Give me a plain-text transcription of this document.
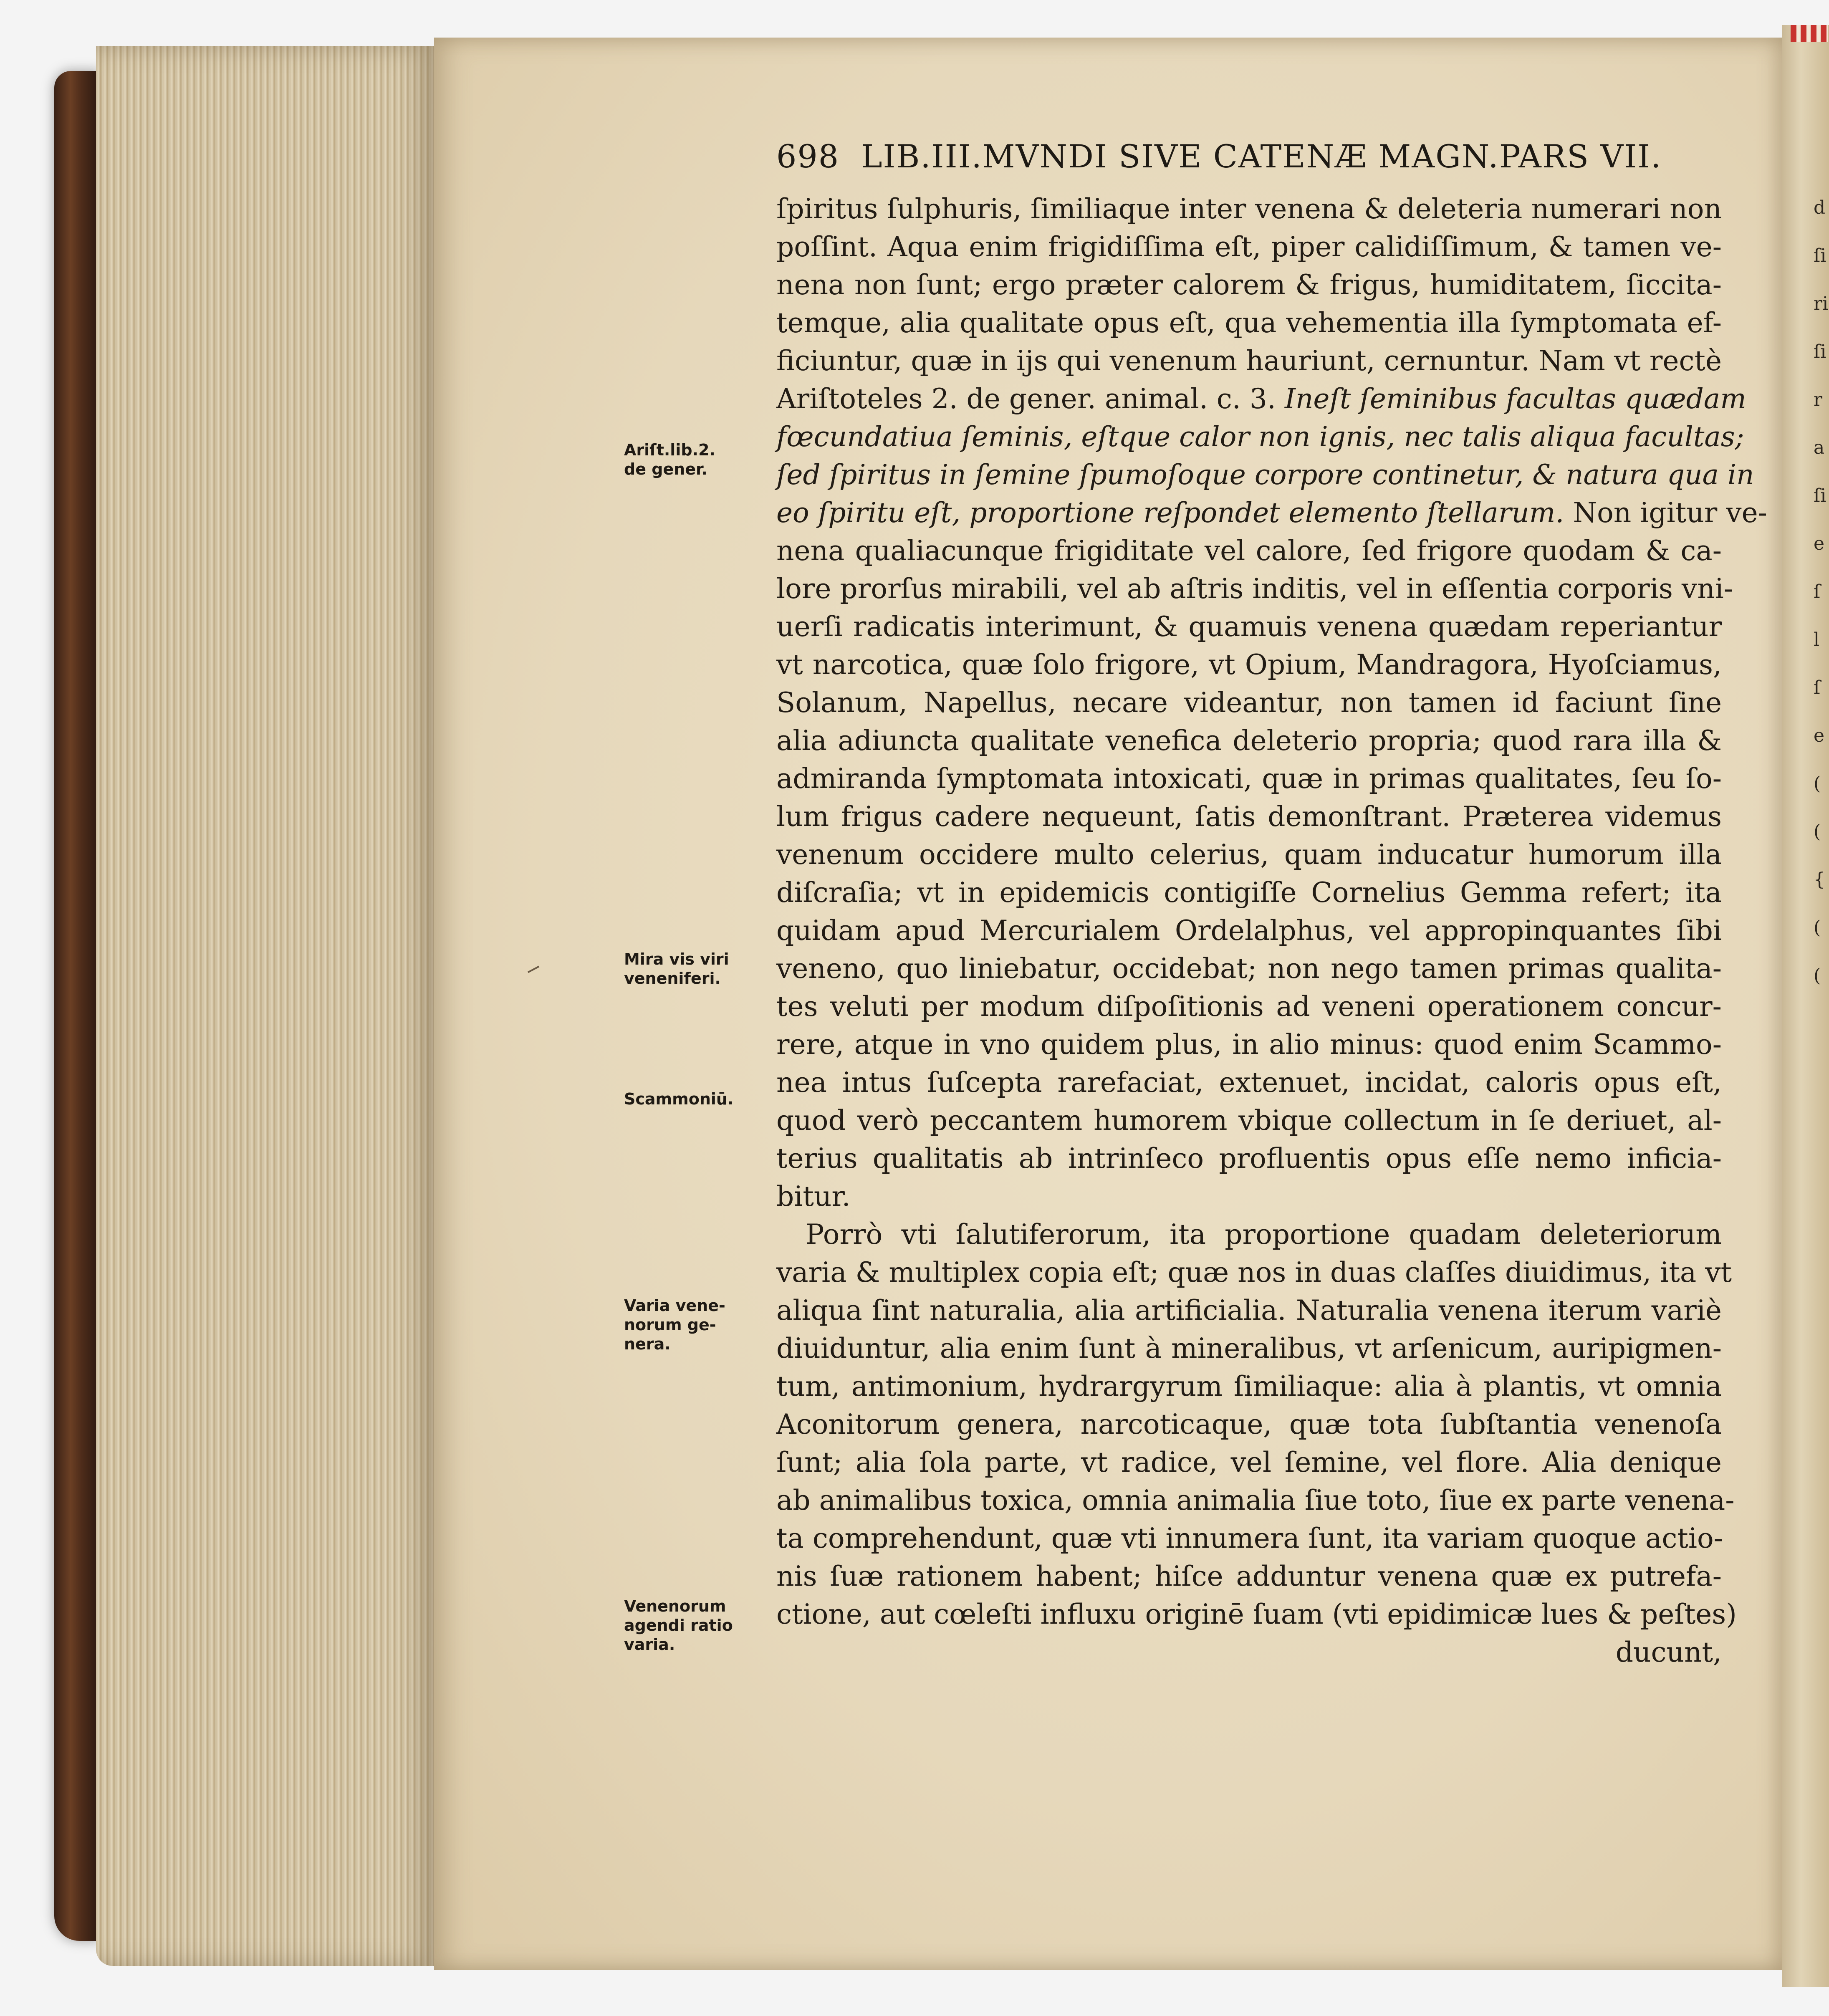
d
ſi
ri
ſi
r
a
ſi
e
ſ
l
ſ
e
(
(
{
(
(

698 LIB.III.MVNDI SIVE CATENÆ MAGN.PARS VII.
ſpiritus ſulphuris, ſimiliaque inter venena & deleteria numerari non
poſſint. Aqua enim frigidiſſima eſt, piper calidiſſimum, & tamen ve-
nena non ſunt; ergo præter calorem & frigus, humiditatem, ſiccita-
temque, alia qualitate opus eſt, qua vehementia illa ſymptomata ef-
ficiuntur, quæ in ijs qui venenum hauriunt, cernuntur. Nam vt rectè
Ariſtoteles 2. de gener. animal. c. 3. Ineſt ſeminibus facultas quædam
fœcundatiua ſeminis, eſtque calor non ignis, nec talis aliqua facultas;
ſed ſpiritus in ſemine ſpumoſoque corpore continetur, & natura qua in
eo ſpiritu eſt, proportione reſpondet elemento ſtellarum. Non igitur ve-
nena qualiacunque frigiditate vel calore, ſed frigore quodam & ca-
lore prorſus mirabili, vel ab aſtris inditis, vel in eſſentia corporis vni-
uerſi radicatis interimunt, & quamuis venena quædam reperiantur
vt narcotica, quæ ſolo frigore, vt Opium, Mandragora, Hyoſciamus,
Solanum, Napellus, necare videantur, non tamen id faciunt ſine
alia adiuncta qualitate venefica deleterio propria; quod rara illa &
admiranda ſymptomata intoxicati, quæ in primas qualitates, ſeu ſo-
lum frigus cadere nequeunt, ſatis demonſtrant. Præterea videmus
venenum occidere multo celerius, quam inducatur humorum illa
diſcraſia; vt in epidemicis contigiſſe Cornelius Gemma refert; ita
quidam apud Mercurialem Ordelalphus, vel appropinquantes ſibi
veneno, quo liniebatur, occidebat; non nego tamen primas qualita-
tes veluti per modum diſpoſitionis ad veneni operationem concur-
rere, atque in vno quidem plus, in alio minus: quod enim Scammo-
nea intus ſuſcepta rarefaciat, extenuet, incidat, caloris opus eſt,
quod verò peccantem humorem vbique collectum in ſe deriuet, al-
terius qualitatis ab intrinſeco profluentis opus eſſe nemo inficia-
bitur.
Porrò vti ſalutiferorum, ita proportione quadam deleteriorum
varia & multiplex copia eſt; quæ nos in duas claſſes diuidimus, ita vt
aliqua ſint naturalia, alia artificialia. Naturalia venena iterum variè
diuiduntur, alia enim ſunt à mineralibus, vt arſenicum, auripigmen-
tum, antimonium, hydrargyrum ſimiliaque: alia à plantis, vt omnia
Aconitorum genera, narcoticaque, quæ tota ſubſtantia venenoſa
ſunt; alia ſola parte, vt radice, vel ſemine, vel flore. Alia denique
ab animalibus toxica, omnia animalia ſiue toto, ſiue ex parte venena-
ta comprehendunt, quæ vti innumera ſunt, ita variam quoque actio-
nis ſuæ rationem habent; hiſce adduntur venena quæ ex putrefa-
ctione, aut cœleſti influxu originē ſuam (vti epidimicæ lues & peſtes)
ducunt,
Ariſt.lib.2.
de gener.
Mira vis viri
veneniferi.
Scammoniū.
Varia vene-
norum ge-
nera.
Venenorum
agendi ratio
varia.
